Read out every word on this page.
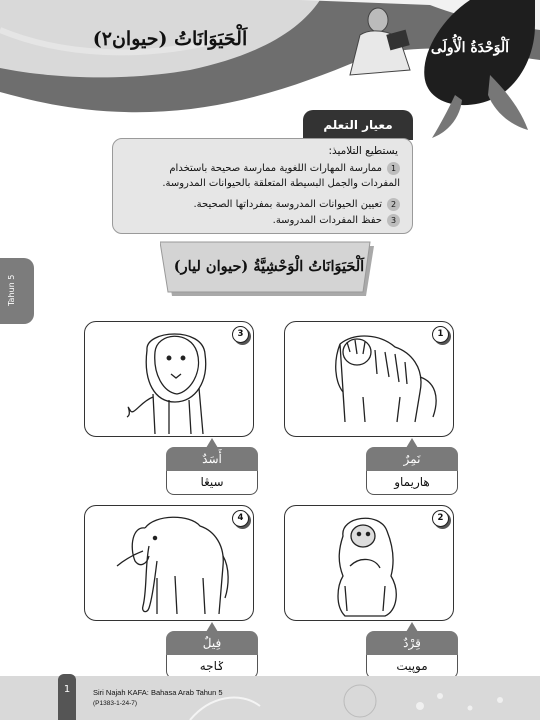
اَلْحَيَوَانَاتُ (حيوان٢)	اَلْوَحْدَةُ الْأُولَى
Tahun 5
معيار التعلم
يستطيع التلاميذ:
1ممارسة المهارات اللغوية ممارسة صحيحة باستخدام المفردات والجمل البسيطة المتعلقة بالحيوانات المدروسة.
2تعيين الحيوانات المدروسة بمفرداتها الصحيحة.
3حفظ المفردات المدروسة.
اَلْحَيَوَانَاتُ الْوَحْشِيَّةُ (حيوان ليار)
1
نَمِرٌ
هاريماو
3
أَسَدٌ
سيڠا
2
قِرْدٌ
موڽيت
4
فِيلٌ
ݢاجه
1	Siri Najah KAFA: Bahasa Arab Tahun 5
(P1383-1-24-7)
